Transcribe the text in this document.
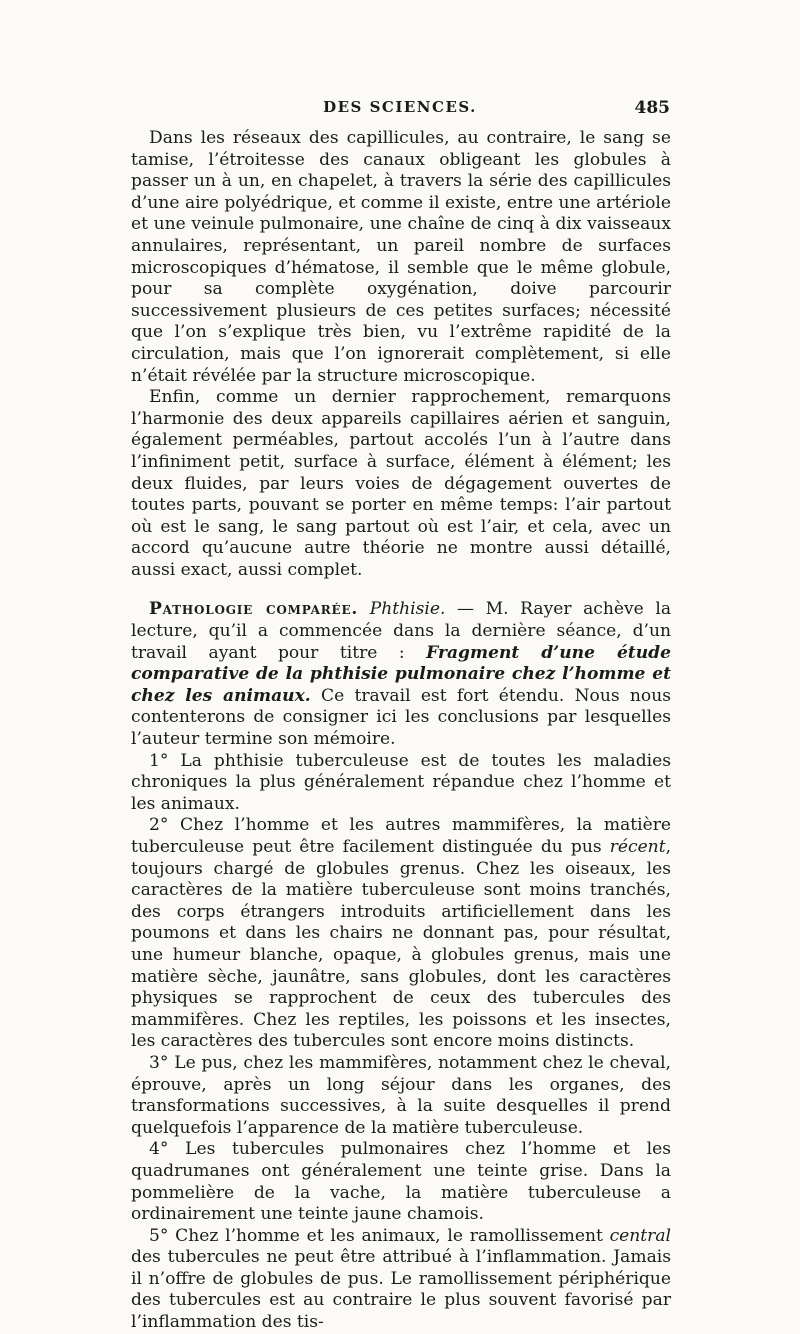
DES SCIENCES.	485

Dans les réseaux des capillicules, au contraire, le sang se tamise, l’étroitesse des canaux obligeant les globules à passer un à un, en chapelet, à travers la série des capillicules d’une aire polyédrique, et comme il existe, entre une artériole et une veinule pulmonaire, une chaîne de cinq à dix vaisseaux annulaires, représentant, un pareil nombre de surfaces microscopiques d’hématose, il semble que le même globule, pour sa complète oxygénation, doive parcourir successivement plusieurs de ces petites surfaces; nécessité que l’on s’explique très bien, vu l’extrême rapidité de la circulation, mais que l’on ignorerait complètement, si elle n’était révélée par la structure microscopique.

Enfin, comme un dernier rapprochement, remarquons l’harmonie des deux appareils capillaires aérien et sanguin, également perméables, partout accolés l’un à l’autre dans l’infiniment petit, surface à surface, élément à élément; les deux fluides, par leurs voies de dégagement ouvertes de toutes parts, pouvant se porter en même temps: l’air partout où est le sang, le sang partout où est l’air, et cela, avec un accord qu’aucune autre théorie ne montre aussi détaillé, aussi exact, aussi complet.

Pathologie comparée. Phthisie. — M. Rayer achève la lecture, qu’il a commencée dans la dernière séance, d’un travail ayant pour titre : Fragment d’une étude comparative de la phthisie pulmonaire chez l’homme et chez les animaux. Ce travail est fort étendu. Nous nous contenterons de consigner ici les conclusions par lesquelles l’auteur termine son mémoire.

1° La phthisie tuberculeuse est de toutes les maladies chroniques la plus généralement répandue chez l’homme et les animaux.

2° Chez l’homme et les autres mammifères, la matière tuberculeuse peut être facilement distinguée du pus récent, toujours chargé de globules grenus. Chez les oiseaux, les caractères de la matière tuberculeuse sont moins tranchés, des corps étrangers introduits artificiellement dans les poumons et dans les chairs ne donnant pas, pour résultat, une humeur blanche, opaque, à globules grenus, mais une matière sèche, jaunâtre, sans globules, dont les caractères physiques se rapprochent de ceux des tubercules des mammifères. Chez les reptiles, les poissons et les insectes, les caractères des tubercules sont encore moins distincts.

3° Le pus, chez les mammifères, notamment chez le cheval, éprouve, après un long séjour dans les organes, des transformations successives, à la suite desquelles il prend quelquefois l’apparence de la matière tuberculeuse.

4° Les tubercules pulmonaires chez l’homme et les quadrumanes ont généralement une teinte grise. Dans la pommelière de la vache, la matière tuberculeuse a ordinairement une teinte jaune chamois.

5° Chez l’homme et les animaux, le ramollissement central des tubercules ne peut être attribué à l’inflammation. Jamais il n’offre de globules de pus. Le ramollissement périphérique des tubercules est au contraire le plus souvent favorisé par l’inflammation des tis-
